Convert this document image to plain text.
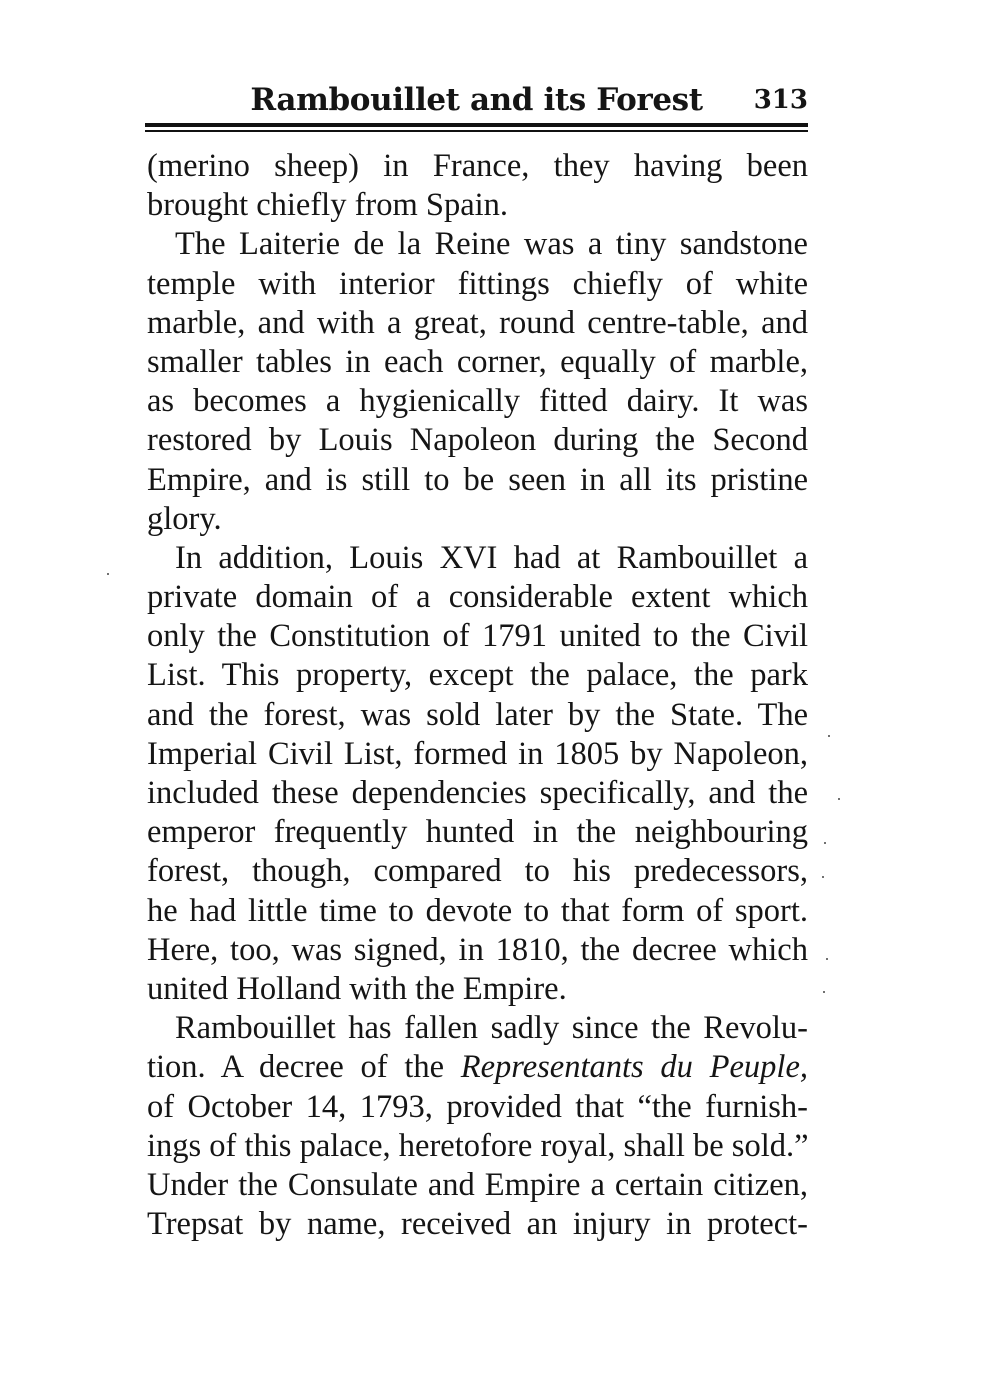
Rambouillet and its Forest	313
(merino sheep) in France, they having been
brought chiefly from Spain.
The Laiterie de la Reine was a tiny sandstone
temple with interior fittings chiefly of white
marble, and with a great, round centre-table, and
smaller tables in each corner, equally of marble,
as becomes a hygienically fitted dairy. It was
restored by Louis Napoleon during the Second
Empire, and is still to be seen in all its pristine
glory.
In addition, Louis XVI had at Rambouillet a
private domain of a considerable extent which
only the Constitution of 1791 united to the Civil
List. This property, except the palace, the park
and the forest, was sold later by the State. The
Imperial Civil List, formed in 1805 by Napoleon,
included these dependencies specifically, and the
emperor frequently hunted in the neighbouring
forest, though, compared to his predecessors,
he had little time to devote to that form of sport.
Here, too, was signed, in 1810, the decree which
united Holland with the Empire.
Rambouillet has fallen sadly since the Revolu-
tion. A decree of the Representants du Peuple,
of October 14, 1793, provided that “the furnish-
ings of this palace, heretofore royal, shall be sold.”
Under the Consulate and Empire a certain citizen,
Trepsat by name, received an injury in protect-
